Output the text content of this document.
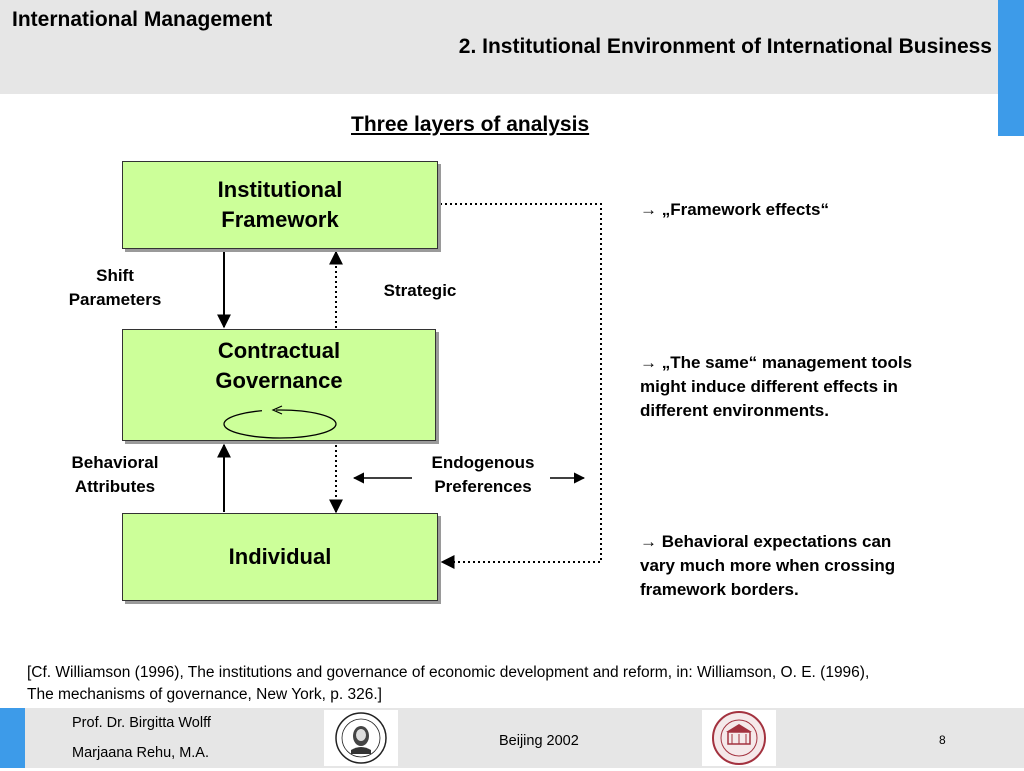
International Management
2. Institutional Environment of International Business
Three layers of analysis
Institutional
Framework
Contractual
Governance
Individual
Shift
Parameters	Strategic
Behavioral
Attributes
Endogenous
Preferences
→ „Framework effects“
→ „The same“ management tools
might induce different effects in
different environments.
→ Behavioral expectations can
vary much more when crossing
framework borders.
[Cf. Williamson (1996), The institutions and governance of economic development and reform, in: Williamson, O. E. (1996),
The mechanisms of governance, New York, p. 326.]
Prof. Dr. Birgitta Wolff
Marjaana Rehu, M.A.
Beijing 2002	8
